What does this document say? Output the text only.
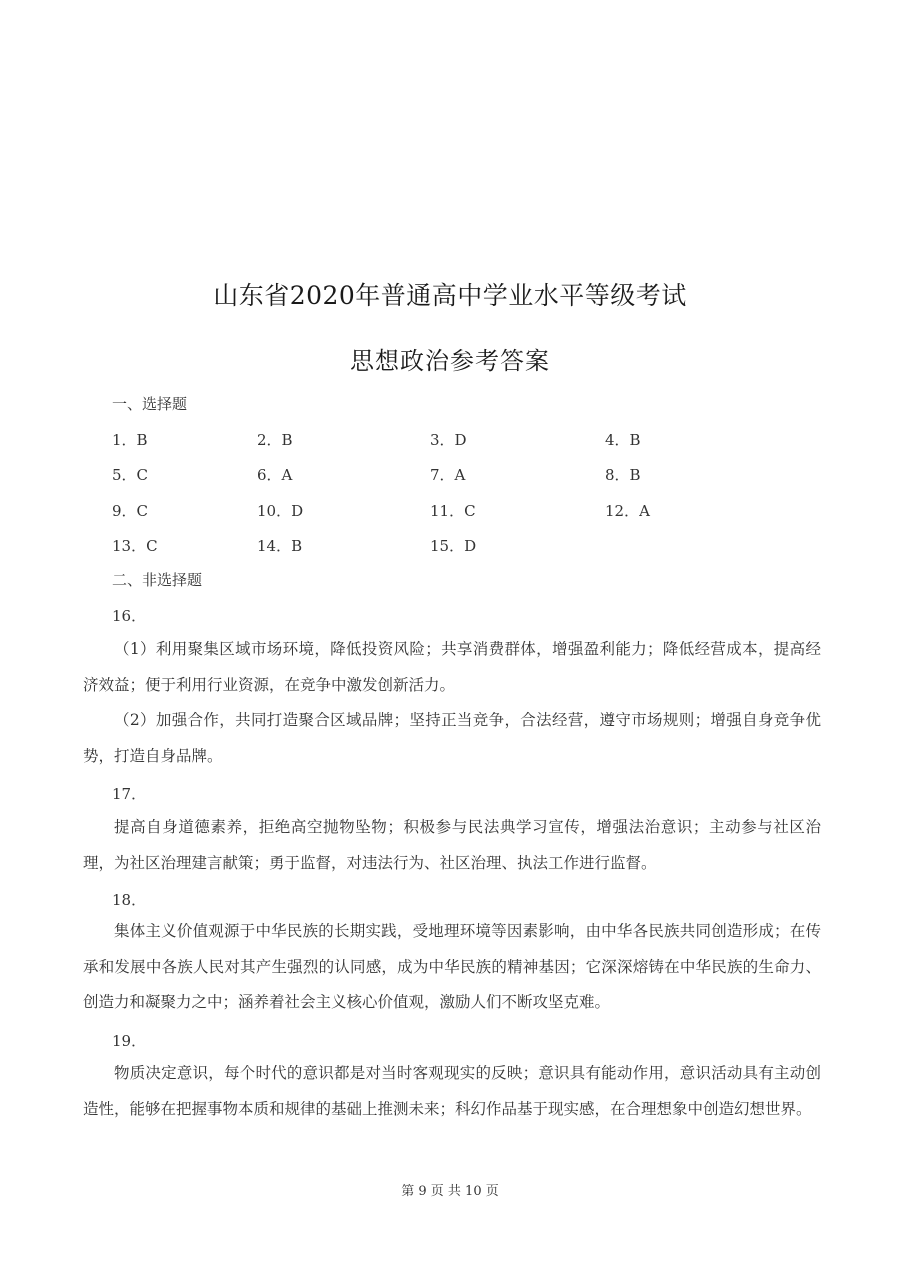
山东省2020年普通高中学业水平等级考试
思想政治参考答案
一、选择题
1．B	2．B	3．D	4．B
5．C	6．A	7．A	8．B
9．C	10．D	11．C	12．A
13．C	14．B	15．D
二、非选择题
16．

（1）利用聚集区域市场环境，降低投资风险；共享消费群体，增强盈利能力；降低经营成本，提高经济效益；便于利用行业资源，在竞争中激发创新活力。

（2）加强合作，共同打造聚合区域品牌；坚持正当竞争，合法经营，遵守市场规则；增强自身竞争优势，打造自身品牌。

17．

提高自身道德素养，拒绝高空抛物坠物；积极参与民法典学习宣传，增强法治意识；主动参与社区治理，为社区治理建言献策；勇于监督，对违法行为、社区治理、执法工作进行监督。

18．

集体主义价值观源于中华民族的长期实践，受地理环境等因素影响，由中华各民族共同创造形成；在传承和发展中各族人民对其产生强烈的认同感，成为中华民族的精神基因；它深深熔铸在中华民族的生命力、创造力和凝聚力之中；涵养着社会主义核心价值观，激励人们不断攻坚克难。

19．

物质决定意识，每个时代的意识都是对当时客观现实的反映；意识具有能动作用，意识活动具有主动创造性，能够在把握事物本质和规律的基础上推测未来；科幻作品基于现实感，在合理想象中创造幻想世界。

第 9 页 共 10 页
